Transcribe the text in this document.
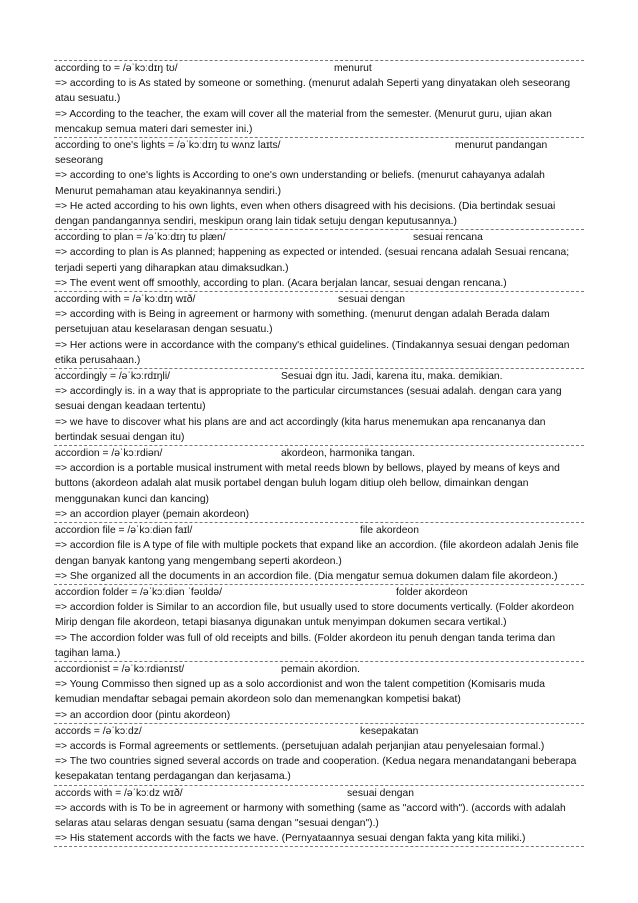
according to = /əˈkɔːdɪŋ tʊ/	menurut
=> according to is As stated by someone or something. (menurut adalah Seperti yang dinyatakan oleh seseorang atau sesuatu.)
=> According to the teacher, the exam will cover all the material from the semester. (Menurut guru, ujian akan mencakup semua materi dari semester ini.)
according to one's lights = /əˈkɔːdɪŋ tʊ wʌnz laɪts/	menurut pandangan
seseorang
=> according to one's lights is According to one's own understanding or beliefs. (menurut cahayanya adalah Menurut pemahaman atau keyakinannya sendiri.)
=> He acted according to his own lights, even when others disagreed with his decisions. (Dia bertindak sesuai dengan pandangannya sendiri, meskipun orang lain tidak setuju dengan keputusannya.)
according to plan = /əˈkɔːdɪŋ tʊ plæn/	sesuai rencana
=> according to plan is As planned; happening as expected or intended. (sesuai rencana adalah Sesuai rencana; terjadi seperti yang diharapkan atau dimaksudkan.)
=> The event went off smoothly, according to plan. (Acara berjalan lancar, sesuai dengan rencana.)
according with = /əˈkɔːdɪŋ wɪð/	sesuai dengan
=> according with is Being in agreement or harmony with something. (menurut dengan adalah Berada dalam persetujuan atau keselarasan dengan sesuatu.)
=> Her actions were in accordance with the company's ethical guidelines. (Tindakannya sesuai dengan pedoman etika perusahaan.)
accordingly = /əˈkɔːrdɪŋli/	Sesuai dgn itu. Jadi, karena itu, maka. demikian.
=> accordingly is. in a way that is appropriate to the particular circumstances (sesuai adalah. dengan cara yang sesuai dengan keadaan tertentu)
=> we have to discover what his plans are and act accordingly (kita harus menemukan apa rencananya dan bertindak sesuai dengan itu)
accordion = /əˈkɔːrdiən/	akordeon, harmonika tangan.
=> accordion is a portable musical instrument with metal reeds blown by bellows, played by means of keys and buttons (akordeon adalah alat musik portabel dengan buluh logam ditiup oleh bellow, dimainkan dengan menggunakan kunci dan kancing)
=> an accordion player (pemain akordeon)
accordion file = /əˈkɔːdiən faɪl/	file akordeon
=> accordion file is A type of file with multiple pockets that expand like an accordion. (file akordeon adalah Jenis file dengan banyak kantong yang mengembang seperti akordeon.)
=> She organized all the documents in an accordion file. (Dia mengatur semua dokumen dalam file akordeon.)
accordion folder = /əˈkɔːdiən ˈfəʊldə/	folder akordeon
=> accordion folder is Similar to an accordion file, but usually used to store documents vertically. (Folder akordeon Mirip dengan file akordeon, tetapi biasanya digunakan untuk menyimpan dokumen secara vertikal.)
=> The accordion folder was full of old receipts and bills. (Folder akordeon itu penuh dengan tanda terima dan tagihan lama.)
accordionist = /əˈkɔːrdiənɪst/	pemain akordion.
=> Young Commisso then signed up as a solo accordionist and won the talent competition (Komisaris muda kemudian mendaftar sebagai pemain akordeon solo dan memenangkan kompetisi bakat)
=> an accordion door (pintu akordeon)
accords = /əˈkɔːdz/	kesepakatan
=> accords is Formal agreements or settlements. (persetujuan adalah perjanjian atau penyelesaian formal.)
=> The two countries signed several accords on trade and cooperation. (Kedua negara menandatangani beberapa kesepakatan tentang perdagangan dan kerjasama.)
accords with = /əˈkɔːdz wɪð/	sesuai dengan
=> accords with is To be in agreement or harmony with something (same as "accord with"). (accords with adalah selaras atau selaras dengan sesuatu (sama dengan "sesuai dengan").)
=> His statement accords with the facts we have. (Pernyataannya sesuai dengan fakta yang kita miliki.)
